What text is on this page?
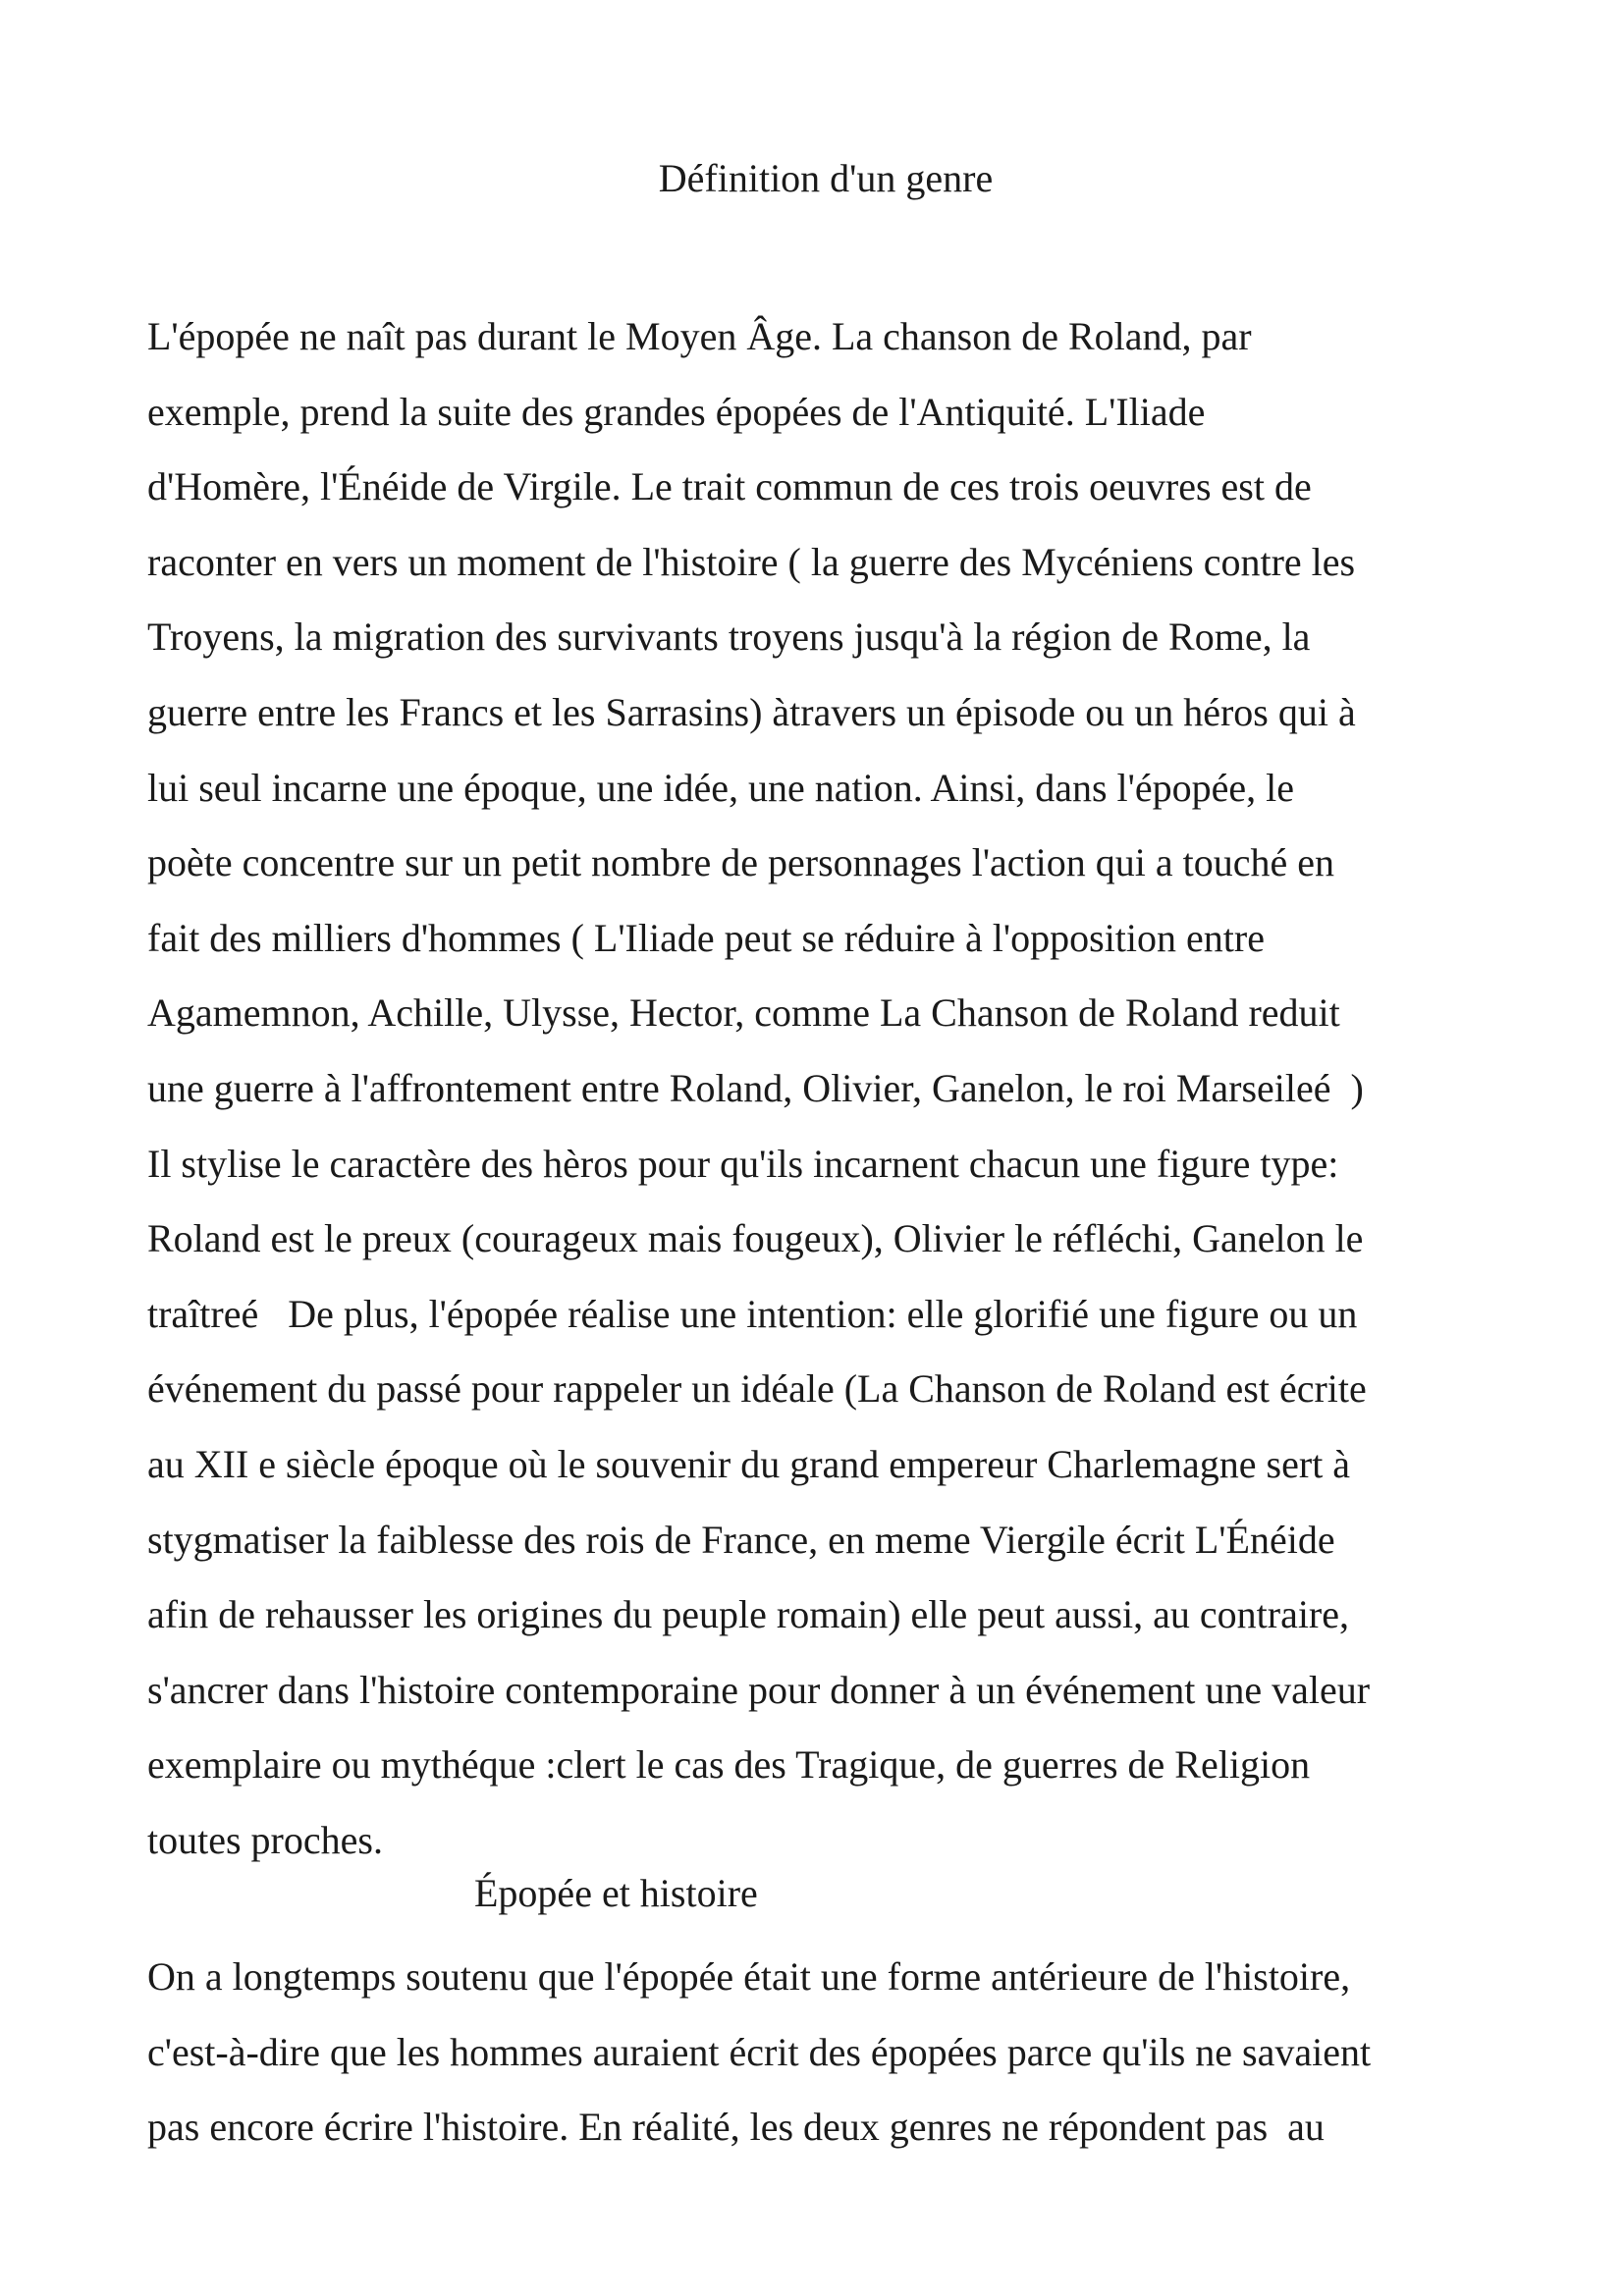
Définition d'un genre
L'épopée ne naît pas durant le Moyen Âge. La chanson de Roland, par
exemple, prend la suite des grandes épopées de l'Antiquité. L'Iliade
d'Homère, l'Énéide de Virgile. Le trait commun de ces trois oeuvres est de
raconter en vers un moment de l'histoire ( la guerre des Mycéniens contre les
Troyens, la migration des survivants troyens jusqu'à la région de Rome, la
guerre entre les Francs et les Sarrasins) àtravers un épisode ou un héros qui à
lui seul incarne une époque, une idée, une nation. Ainsi, dans l'épopée, le
poète concentre sur un petit nombre de personnages l'action qui a touché en
fait des milliers d'hommes ( L'Iliade peut se réduire à l'opposition entre
Agamemnon, Achille, Ulysse, Hector, comme La Chanson de Roland reduit
une guerre à l'affrontement entre Roland, Olivier, Ganelon, le roi Marseileé  )
Il stylise le caractère des hèros pour qu'ils incarnent chacun une figure type:
Roland est le preux (courageux mais fougeux), Olivier le réfléchi, Ganelon le
traîtreé   De plus, l'épopée réalise une intention: elle glorifié une figure ou un
événement du passé pour rappeler un idéale (La Chanson de Roland est écrite
au XII e siècle époque où le souvenir du grand empereur Charlemagne sert à
stygmatiser la faiblesse des rois de France, en meme Viergile écrit L'Énéide
afin de rehausser les origines du peuple romain) elle peut aussi, au contraire,
s'ancrer dans l'histoire contemporaine pour donner à un événement une valeur
exemplaire ou mythéque :clert le cas des Tragique, de guerres de Religion
toutes proches.
Épopée et histoire
On a longtemps soutenu que l'épopée était une forme antérieure de l'histoire,
c'est-à-dire que les hommes auraient écrit des épopées parce qu'ils ne savaient
pas encore écrire l'histoire. En réalité, les deux genres ne répondent pas  au
